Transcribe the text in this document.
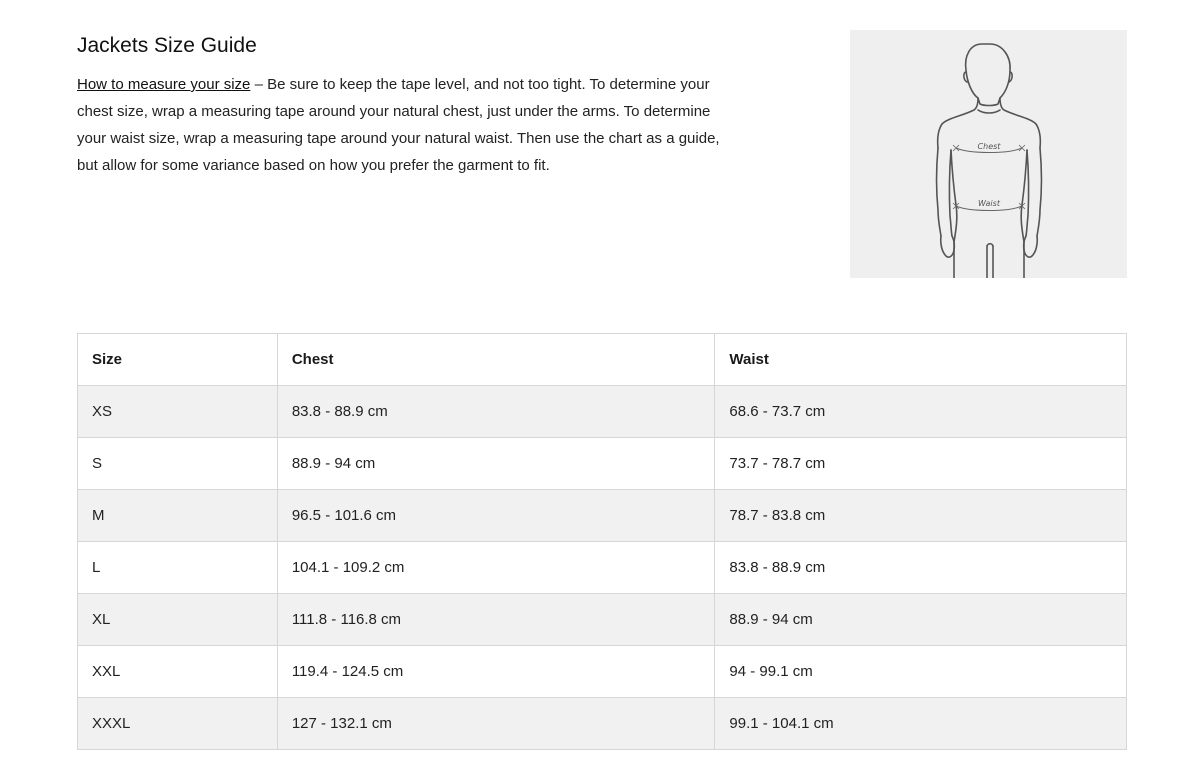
Jackets Size Guide

How to measure your size – Be sure to keep the tape level, and not too tight. To determine your chest size, wrap a measuring tape around your natural chest, just under the arms. To determine your waist size, wrap a measuring tape around your natural waist. Then use the chart as a guide, but allow for some variance based on how you prefer the garment to fit.

Chest
Waist
Size	Chest	Waist
XS	83.8 - 88.9 cm	68.6 - 73.7 cm
S	88.9 - 94 cm	73.7 - 78.7 cm
M	96.5 - 101.6 cm	78.7 - 83.8 cm
L	104.1 - 109.2 cm	83.8 - 88.9 cm
XL	111.8 - 116.8 cm	88.9 - 94 cm
XXL	119.4 - 124.5 cm	94 - 99.1 cm
XXXL	127 - 132.1 cm	99.1 - 104.1 cm
